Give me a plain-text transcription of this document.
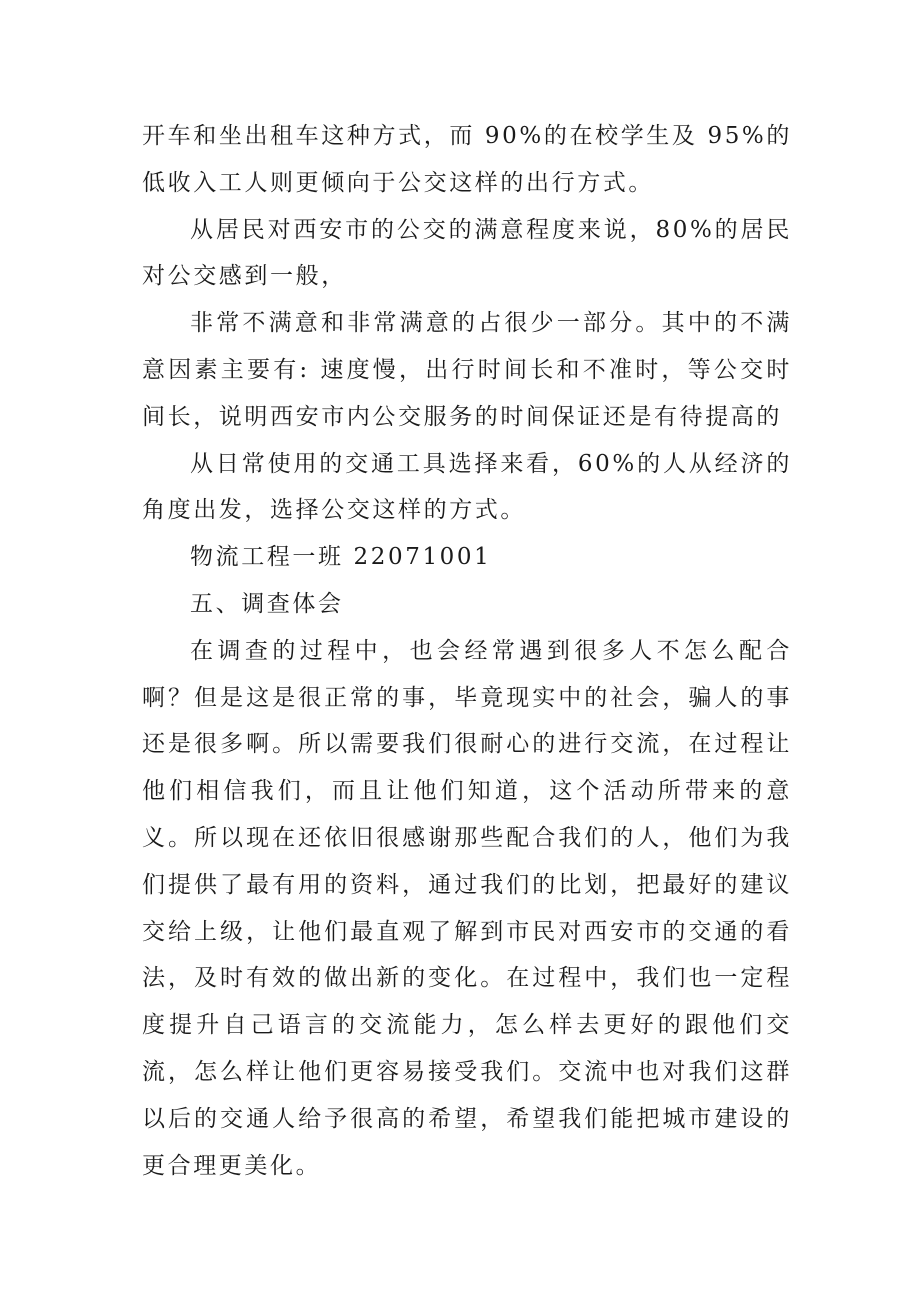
开车和坐出租车这种方式，而 90%的在校学生及 95%的低收入工人则更倾向于公交这样的出行方式。

从居民对西安市的公交的满意程度来说，80%的居民对公交感到一般，

非常不满意和非常满意的占很少一部分。其中的不满意因素主要有: 速度慢，出行时间长和不准时，等公交时间长，说明西安市内公交服务的时间保证还是有待提高的

从日常使用的交通工具选择来看，60%的人从经济的角度出发，选择公交这样的方式。

物流工程一班 22071001

五、调查体会

在调查的过程中，也会经常遇到很多人不怎么配合啊？但是这是很正常的事，毕竟现实中的社会，骗人的事还是很多啊。所以需要我们很耐心的进行交流，在过程让他们相信我们，而且让他们知道，这个活动所带来的意义。所以现在还依旧很感谢那些配合我们的人，他们为我们提供了最有用的资料，通过我们的比划，把最好的建议交给上级，让他们最直观了解到市民对西安市的交通的看法，及时有效的做出新的变化。在过程中，我们也一定程度提升自己语言的交流能力，怎么样去更好的跟他们交流，怎么样让他们更容易接受我们。交流中也对我们这群以后的交通人给予很高的希望，希望我们能把城市建设的更合理更美化。
